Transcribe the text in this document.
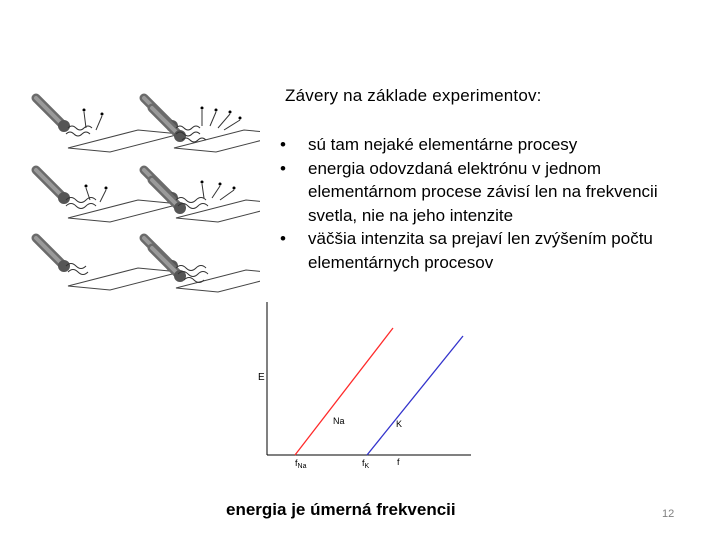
Závery na základe experimentov:
• sú tam nejaké elementárne procesy
• energia odovzdaná elektrónu v jednom elementárnom procese závisí len na frekvencii svetla, nie na jeho intenzite
• väčšia intenzita sa prejaví len zvýšením počtu elementárnych procesov
E
Na	K
$f_{Na}$	$f_K$	f
energia je úmerná frekvencii	12
